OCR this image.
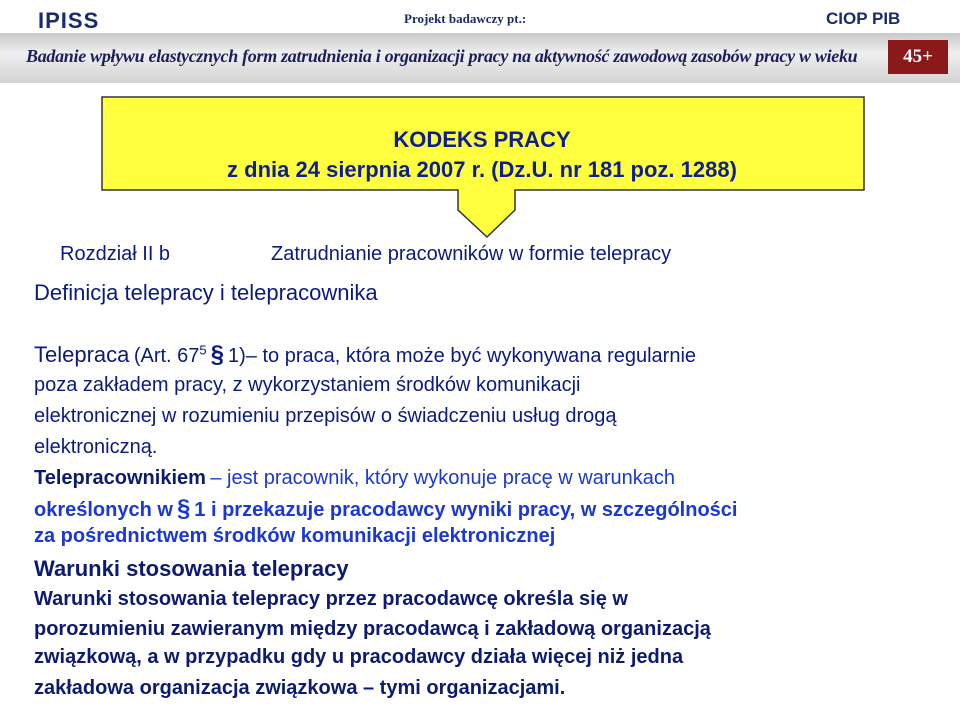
IPISS	Projekt badawczy pt.:	CIOP PIB
Badanie wpływu elastycznych form zatrudnienia i organizacji pracy na aktywność zawodową zasobów pracy w wieku	45+
KODEKS PRACY
z dnia 24 sierpnia 2007 r. (Dz.U. nr 181 poz. 1288)
Rozdział II b	Zatrudnianie pracowników w formie telepracy
Definicja telepracy i telepracownika
Telepraca (Art. $67^5$ § 1)– to praca, która może być wykonywana regularnie
poza zakładem pracy, z wykorzystaniem środków komunikacji
elektronicznej w rozumieniu przepisów o świadczeniu usług drogą
elektroniczną.
Telepracownikiem – jest pracownik, który wykonuje pracę w warunkach
określonych w § 1 i przekazuje pracodawcy wyniki pracy, w szczególności
za pośrednictwem środków komunikacji elektronicznej
Warunki stosowania telepracy
Warunki stosowania telepracy przez pracodawcę określa się w
porozumieniu zawieranym między pracodawcą i zakładową organizacją
związkową, a w przypadku gdy u pracodawcy działa więcej niż jedna
zakładowa organizacja związkowa – tymi organizacjami.
